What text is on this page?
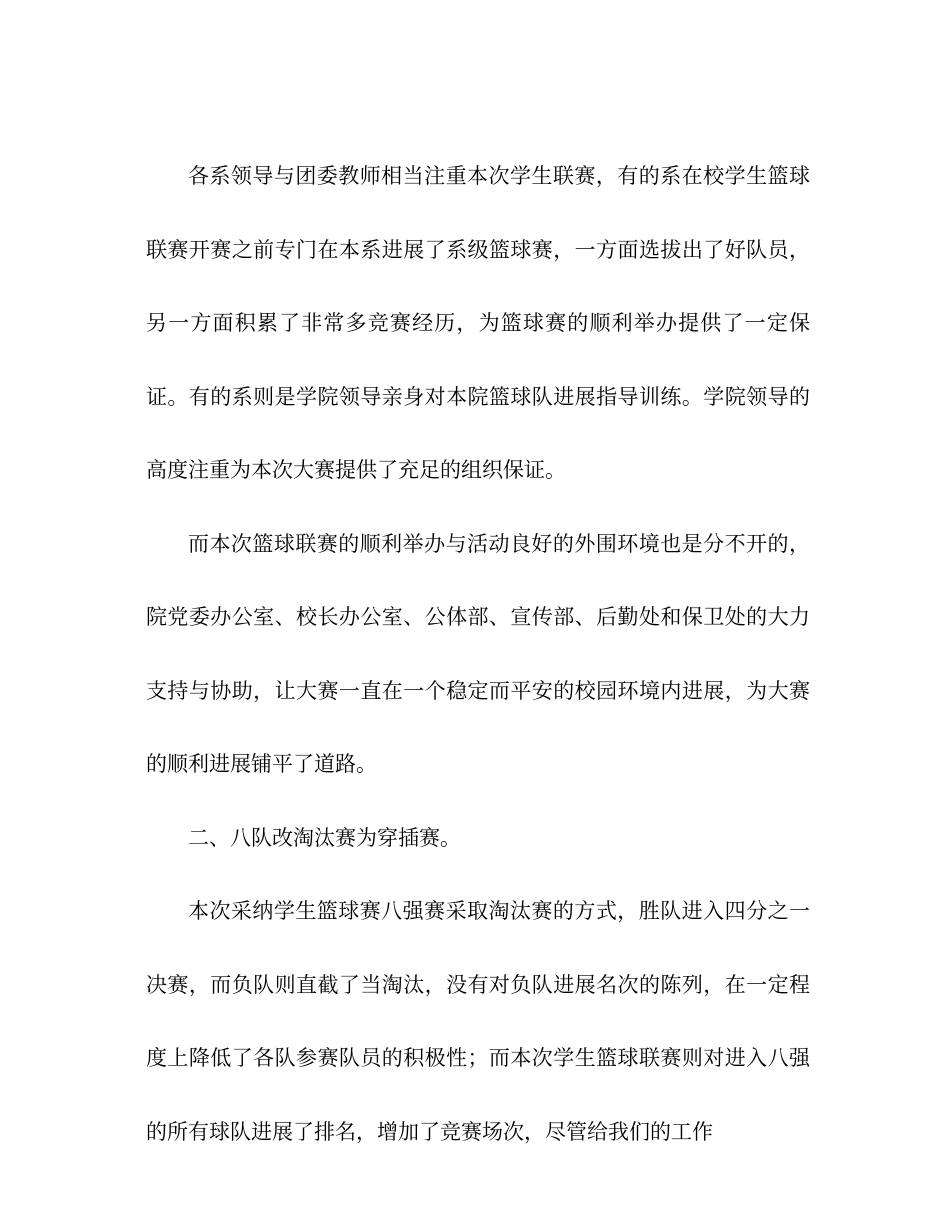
各系领导与团委教师相当注重本次学生联赛，有的系在校学生篮球联赛开赛之前专门在本系进展了系级篮球赛，一方面选拔出了好队员，另一方面积累了非常多竞赛经历，为篮球赛的顺利举办提供了一定保证。有的系则是学院领导亲身对本院篮球队进展指导训练。学院领导的高度注重为本次大赛提供了充足的组织保证。

而本次篮球联赛的顺利举办与活动良好的外围环境也是分不开的，院党委办公室、校长办公室、公体部、宣传部、后勤处和保卫处的大力支持与协助，让大赛一直在一个稳定而平安的校园环境内进展，为大赛的顺利进展铺平了道路。

二、八队改淘汰赛为穿插赛。

本次采纳学生篮球赛八强赛采取淘汰赛的方式，胜队进入四分之一决赛，而负队则直截了当淘汰，没有对负队进展名次的陈列，在一定程度上降低了各队参赛队员的积极性；而本次学生篮球联赛则对进入八强的所有球队进展了排名，增加了竞赛场次，尽管给我们的工作
